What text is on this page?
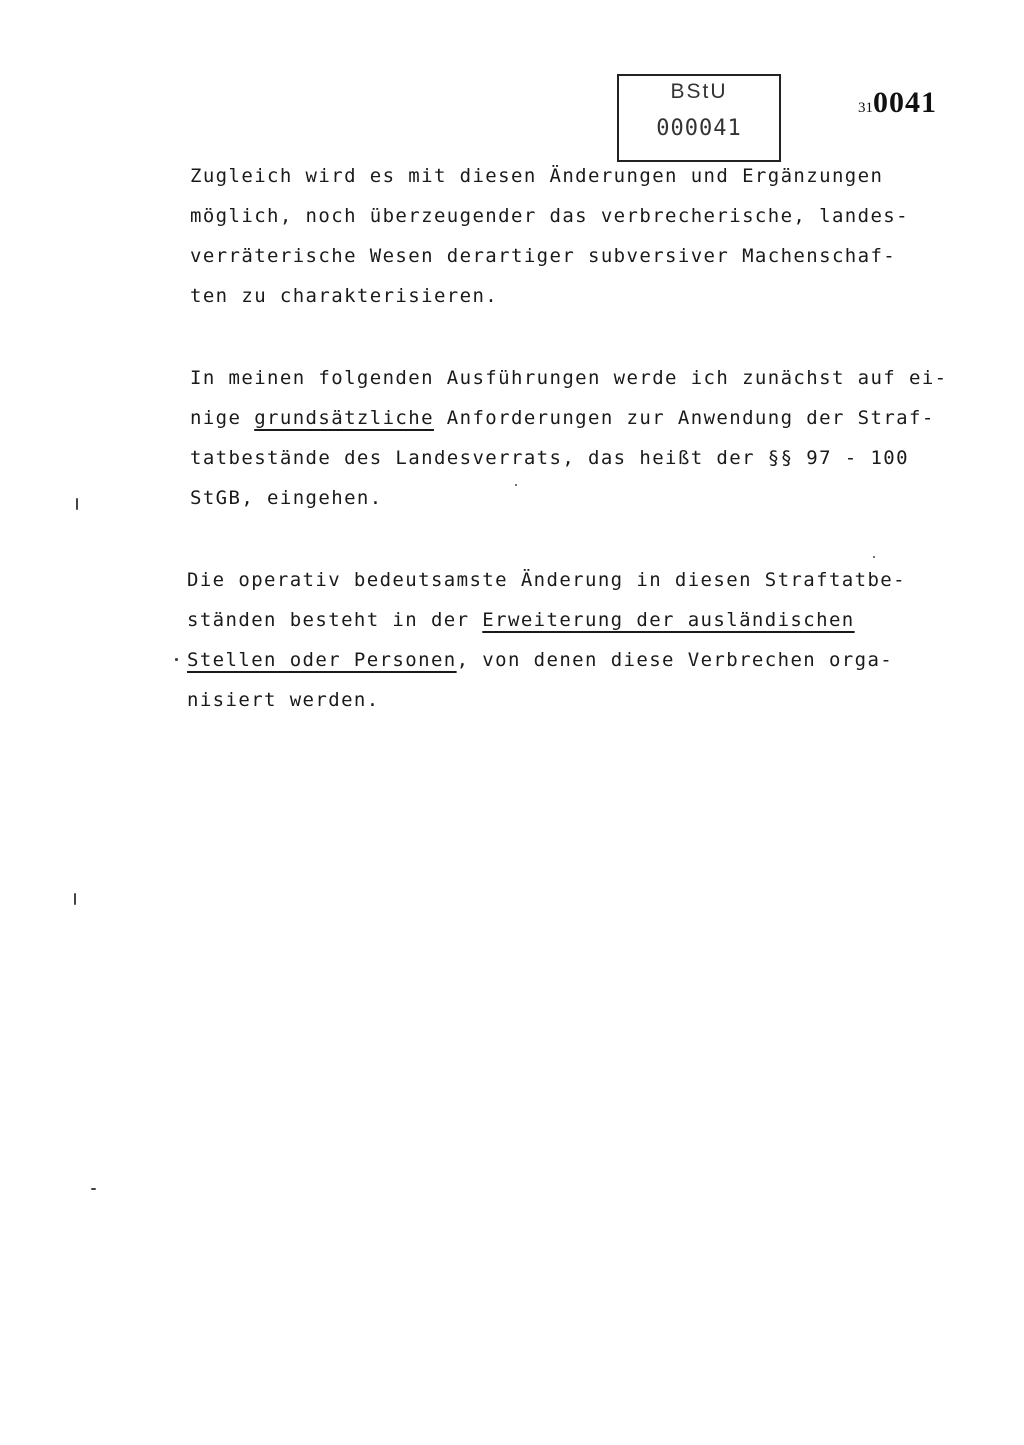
BStU
000041
310041
Zugleich wird es mit diesen Änderungen und Ergänzungen
möglich, noch überzeugender das verbrecherische, landes-
verräterische Wesen derartiger subversiver Machenschaf-
ten zu charakterisieren.
In meinen folgenden Ausführungen werde ich zunächst auf ei-
nige grundsätzliche Anforderungen zur Anwendung der Straf-
tatbestände des Landesverrats, das heißt der §§ 97 - 100
StGB, eingehen.
Die operativ bedeutsamste Änderung in diesen Straftatbe-
ständen besteht in der Erweiterung der ausländischen
Stellen oder Personen, von denen diese Verbrechen orga-
nisiert werden.
